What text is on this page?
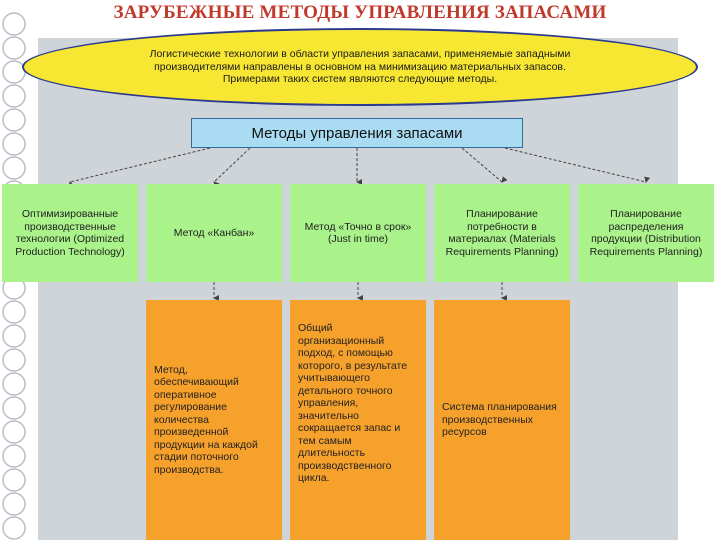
ЗАРУБЕЖНЫЕ МЕТОДЫ УПРАВЛЕНИЯ ЗАПАСАМИ
Логистические технологии в области управления запасами, применяемые западными производителями направлены в основном на минимизацию материальных запасов. Примерами таких систем являются следующие методы.
Методы управления запасами
Оптимизированные производственные технологии (Optimized Production Technology)
Метод «Канбан»
Метод «Точно в срок» (Just in time)
Планирование потребности в материалах (Materials Requirements Planning)
Планирование распределения продукции (Distribution Requirements Planning)
Метод, обеспечивающий оперативное регулирование количества произведенной продукции на каждой стадии поточного производства.
Общий организационный подход, с помощью которого, в результате учитывающего детального точного управления, значительно сокращается запас и тем самым длительность производственного цикла.
Система планирования производственных ресурсов
